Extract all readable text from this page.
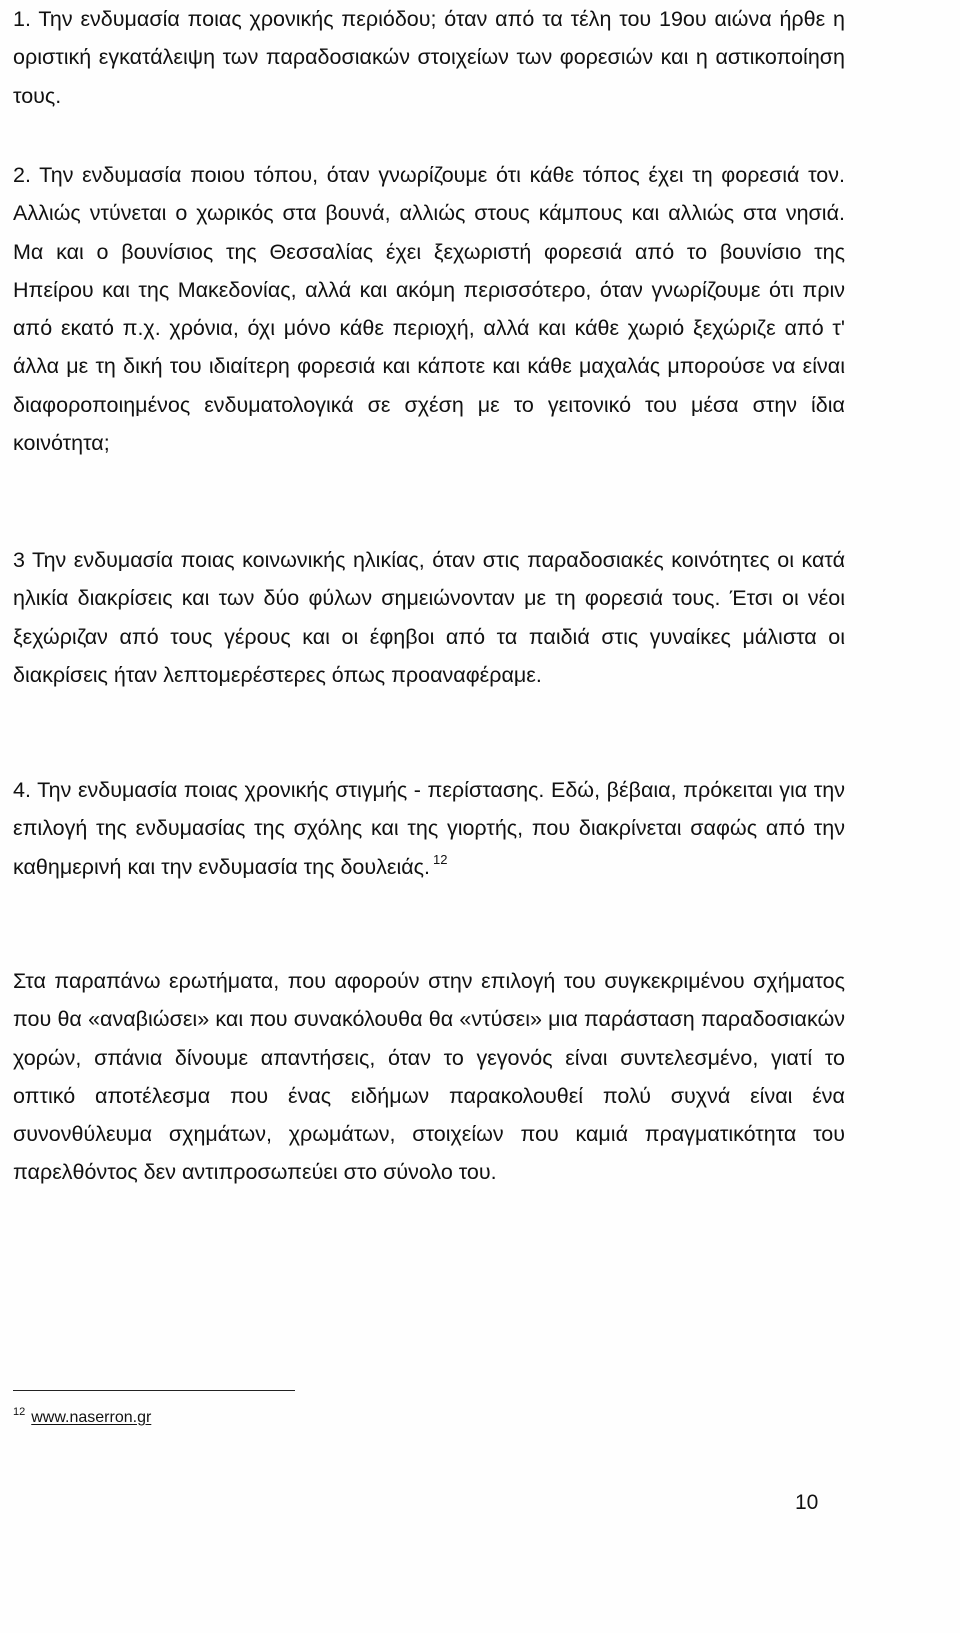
1. Την ενδυμασία ποιας χρονικής περιόδου; όταν από τα τέλη του 19ου αιώνα ήρθε η οριστική εγκατάλειψη των παραδοσιακών στοιχείων των φορεσιών και η αστικοποίηση τους.

2. Την ενδυμασία ποιου τόπου, όταν γνωρίζουμε ότι κάθε τόπος έχει τη φορεσιά τον. Αλλιώς ντύνεται ο χωρικός στα βουνά, αλλιώς στους κάμπους και αλλιώς στα νησιά. Μα και ο βουνίσιος της Θεσσαλίας έχει ξεχωριστή φορεσιά από το βουνίσιο της Ηπείρου και της Μακεδονίας, αλλά και ακόμη περισσότερο, όταν γνωρίζουμε ότι πριν από εκατό π.χ. χρόνια, όχι μόνο κάθε περιοχή, αλλά και κάθε χωριό ξεχώριζε από τ' άλλα με τη δική του ιδιαίτερη φορεσιά και κάπoτε και κάθε μαχαλάς μπορούσε να είναι διαφοροποιημένος ενδυματολογικά σε σχέση με το γειτονικό του μέσα στην ίδια κοινότητα;

3 Την ενδυμασία ποιας κοινωνικής ηλικίας, όταν στις παραδοσιακές κοινότητες οι κατά ηλικία διακρίσεις και των δύο φύλων σημειώνονταν με τη φορεσιά τους. Έτσι οι νέοι ξεχώριζαν από τους γέρους και οι έφηβοι από τα παιδιά στις γυναίκες μάλιστα οι διακρίσεις ήταν λεπτομερέστερες όπως προαναφέραμε.

4. Την ενδυμασία ποιας χρονικής στιγμής - περίστασης. Εδώ, βέβαια, πρόκειται για την επιλογή της ενδυμασίας της σχόλης και της γιορτής, που διακρίνεται σαφώς από την καθημερινή και την ενδυμασία της δουλειάς. $^{12}$

Στα παραπάνω ερωτήματα, που αφορούν στην επιλογή του συγκεκριμένου σχήματος που θα «αναβιώσει» και που συνακόλουθα θα «ντύσει» μια παράσταση παραδοσιακών χορών, σπάνια δίνουμε απαντήσεις, όταν το γεγονός είναι συντελεσμένο, γιατί το οπτικό αποτέλεσμα που ένας ειδήμων παρακολουθεί πολύ συχνά είναι ένα συνονθύλευμα σχημάτων, χρωμάτων, στοιχείων που καμιά πραγματικότητα του παρελθόντος δεν αντιπροσωπεύει στο σύνολο του.

$^{12}$ www.naserron.gr
10
